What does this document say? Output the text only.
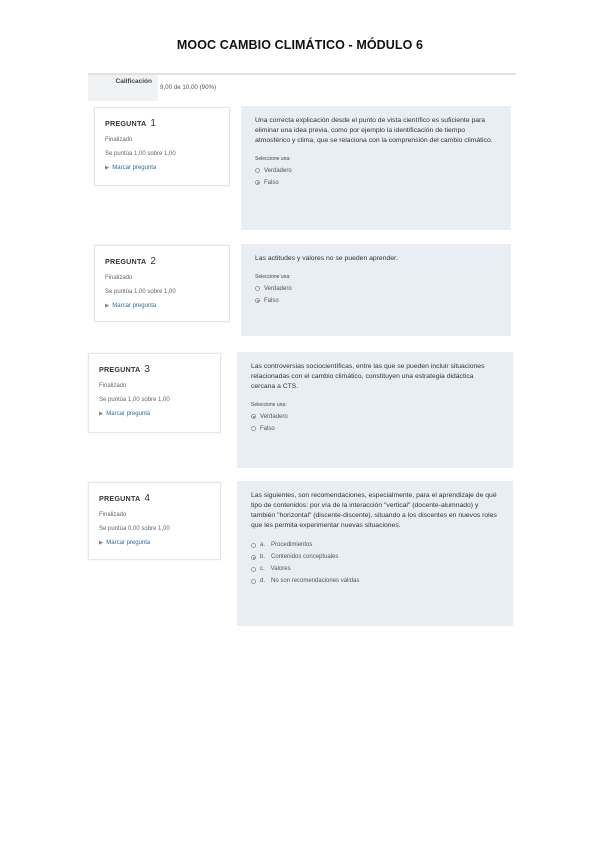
MOOC CAMBIO CLIMÁTICO - MÓDULO 6
Calificación
9,00 de 10,00 (90%)
PREGUNTA 1
Finalizado
Se puntúa 1,00 sobre 1,00
▶ Marcar pregunta
Una correcta explicación desde el punto de vista científico es suficiente para eliminar una idea previa, como por ejemplo la identificación de tiempo atmosférico y clima, que se relaciona con la comprensión del cambio climático.
Seleccione una:
Verdadero
Falso
PREGUNTA 2
Finalizado
Se puntúa 1,00 sobre 1,00
▶ Marcar pregunta
Las actitudes y valores no se pueden aprender.
Seleccione una:
Verdadero
Falso
PREGUNTA 3
Finalizado
Se puntúa 1,00 sobre 1,00
▶ Marcar pregunta
Las controversias sociocientíficas, entre las que se pueden incluir situaciones relacionadas con el cambio climático, constituyen una estrategia didáctica cercana a CTS.
Seleccione una:
Verdadero
Falso
PREGUNTA 4
Finalizado
Se puntúa 0,00 sobre 1,00
▶ Marcar pregunta
Las siguientes, son recomendaciones, especialmente, para el aprendizaje de qué tipo de contenidos: por vía de la interacción "vertical" (docente-alumnado) y también "horizontal" (discente-discente), situando a los discentes en nuevos roles que les permita experimentar nuevas situaciones.
a. Procedimientos
b. Contenidos conceptuales
c. Valores
d. No son recomendaciones válidas
